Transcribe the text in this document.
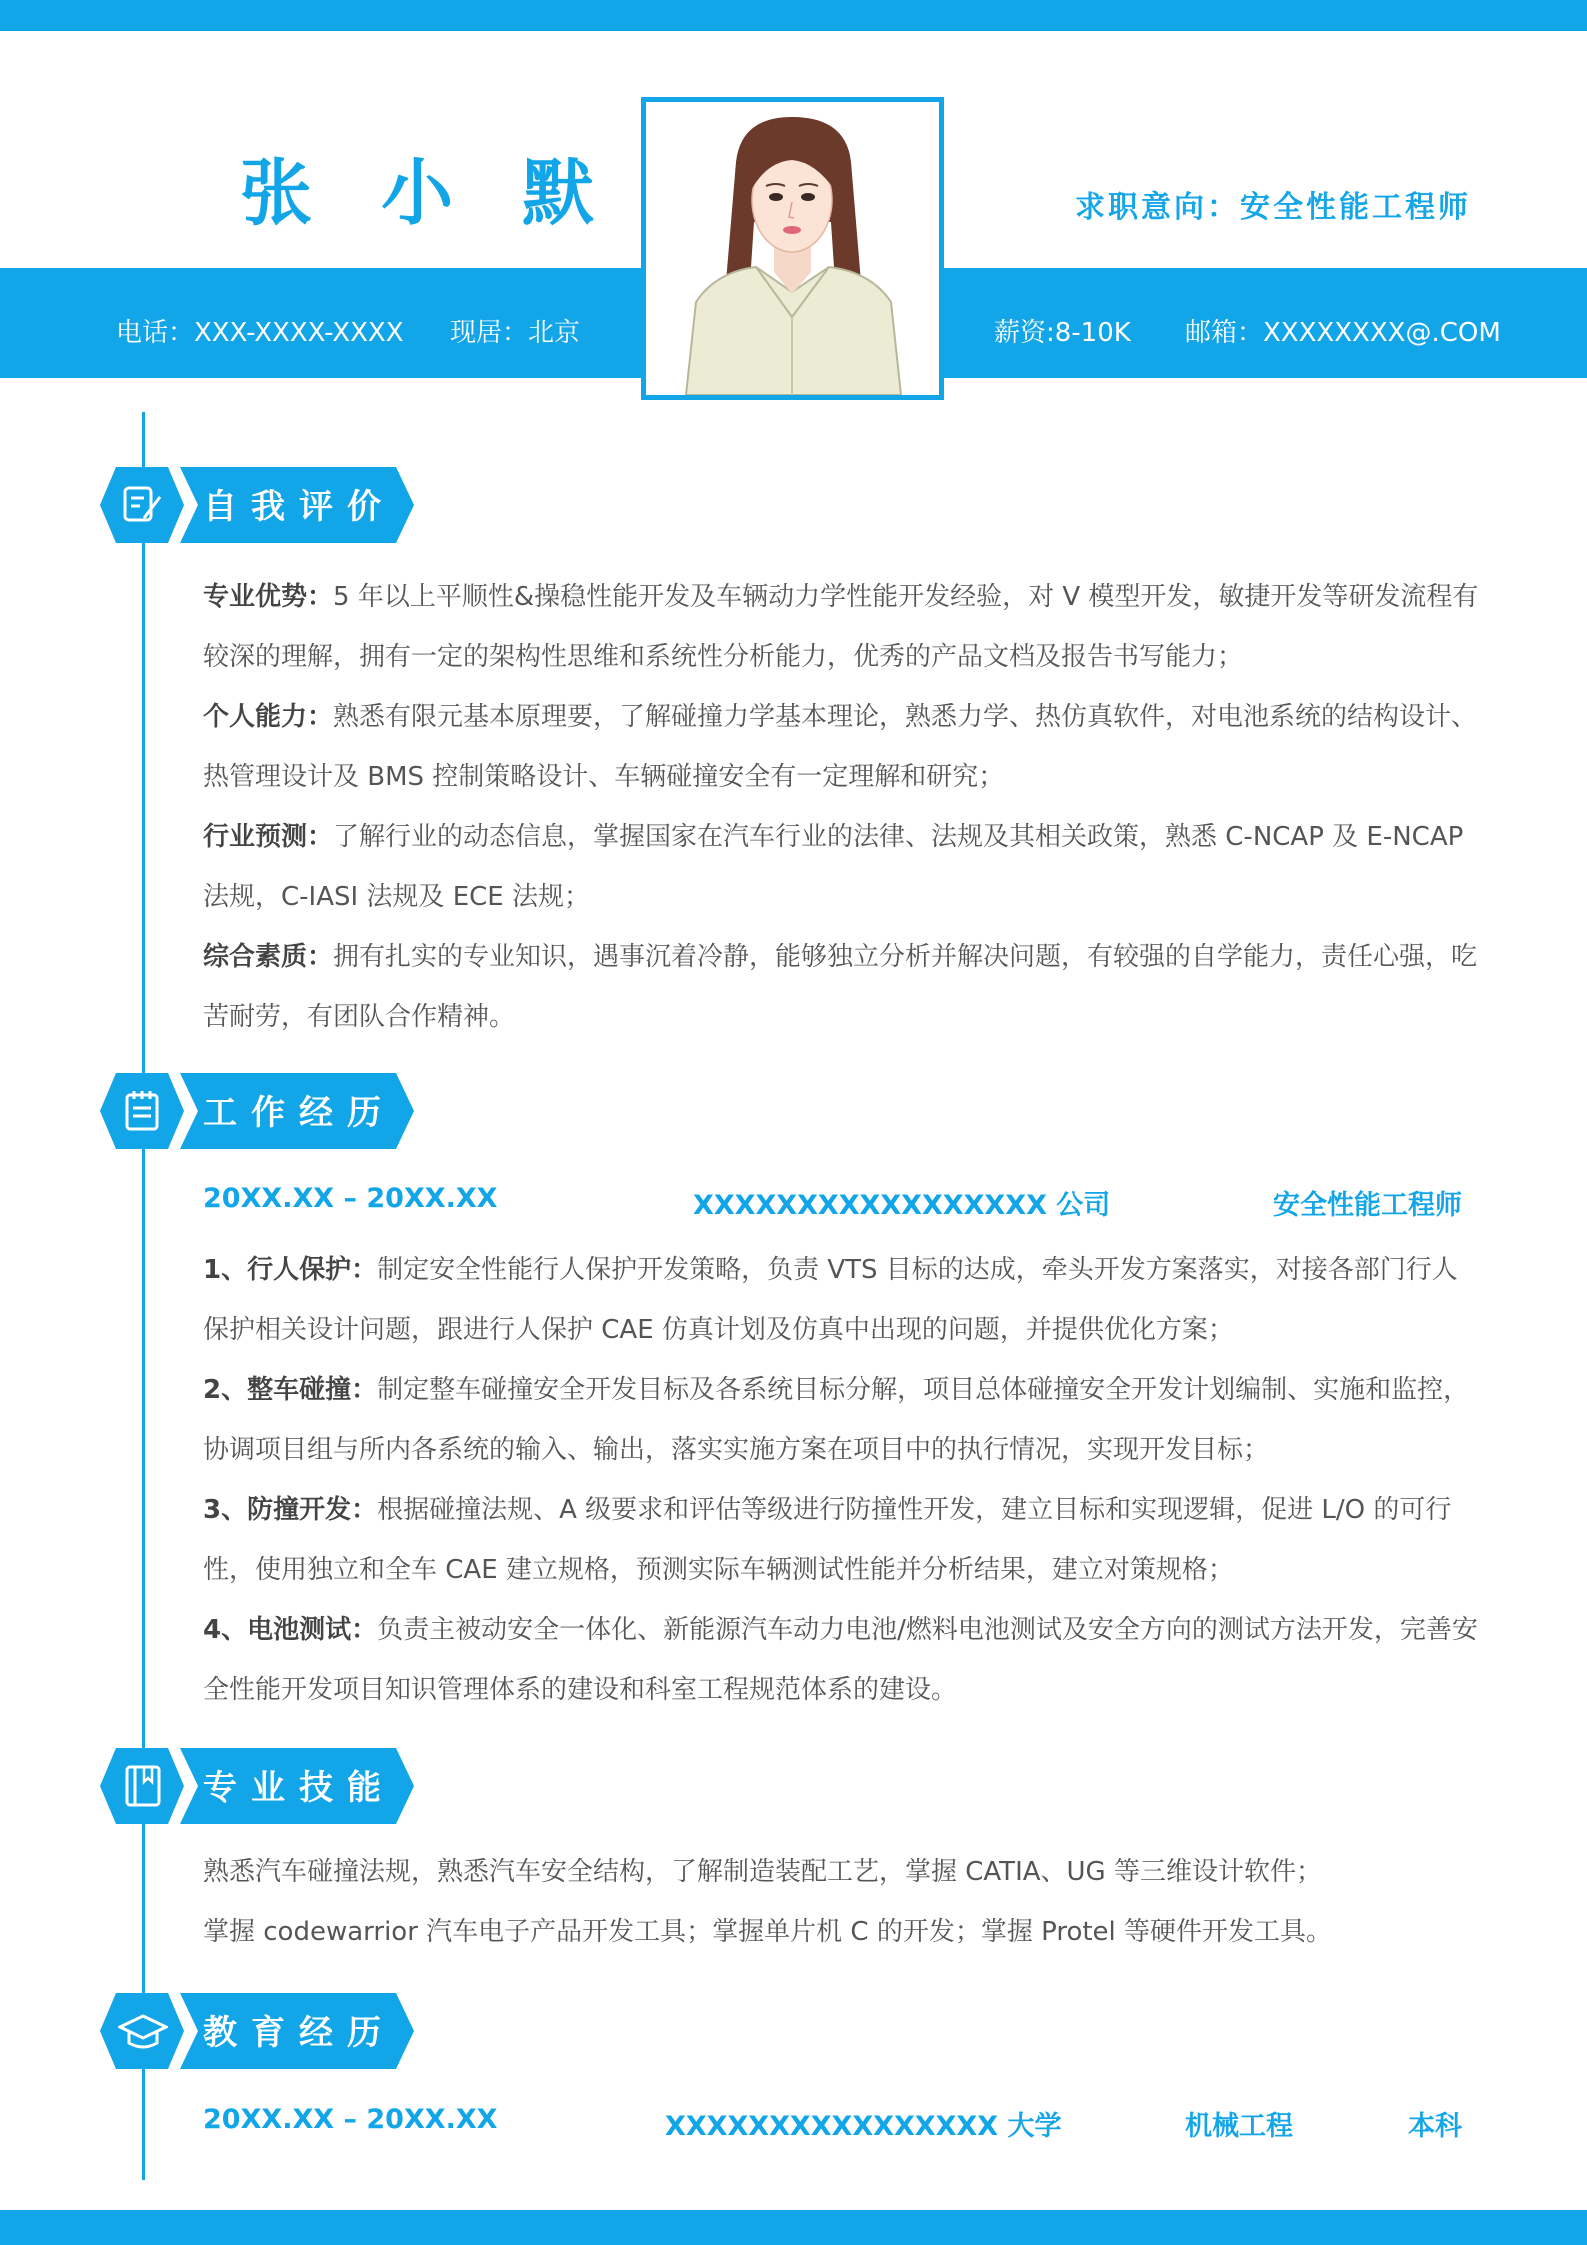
张 小 默	求职意向：安全性能工程师
电话：XXX-XXXX-XXXX 现居：北京	薪资:8-10K 邮箱：XXXXXXXX@.COM
自我评价

专业优势：5 年以上平顺性&操稳性能开发及车辆动力学性能开发经验，对 V 模型开发，敏捷开发等研发流程有较深的理解，拥有一定的架构性思维和系统性分析能力，优秀的产品文档及报告书写能力；

个人能力：熟悉有限元基本原理要，了解碰撞力学基本理论，熟悉力学、热仿真软件，对电池系统的结构设计、热管理设计及 BMS 控制策略设计、车辆碰撞安全有一定理解和研究；

行业预测：了解行业的动态信息，掌握国家在汽车行业的法律、法规及其相关政策，熟悉 C-NCAP 及 E-NCAP 法规，C-IASI 法规及 ECE 法规；

综合素质：拥有扎实的专业知识，遇事沉着冷静，能够独立分析并解决问题，有较强的自学能力，责任心强，吃苦耐劳，有团队合作精神。

工作经历
20XX.XX – 20XX.XX	XXXXXXXXXXXXXXXXX 公司	安全性能工程师

1、行人保护：制定安全性能行人保护开发策略，负责 VTS 目标的达成，牵头开发方案落实，对接各部门行人保护相关设计问题，跟进行人保护 CAE 仿真计划及仿真中出现的问题，并提供优化方案；

2、整车碰撞：制定整车碰撞安全开发目标及各系统目标分解，项目总体碰撞安全开发计划编制、实施和监控，协调项目组与所内各系统的输入、输出，落实实施方案在项目中的执行情况，实现开发目标；

3、防撞开发：根据碰撞法规、A 级要求和评估等级进行防撞性开发，建立目标和实现逻辑，促进 L/O 的可行性，使用独立和全车 CAE 建立规格，预测实际车辆测试性能并分析结果，建立对策规格；

4、电池测试：负责主被动安全一体化、新能源汽车动力电池/燃料电池测试及安全方向的测试方法开发，完善安全性能开发项目知识管理体系的建设和科室工程规范体系的建设。

专业技能

熟悉汽车碰撞法规，熟悉汽车安全结构，了解制造装配工艺，掌握 CATIA、UG 等三维设计软件；

掌握 codewarrior 汽车电子产品开发工具；掌握单片机 C 的开发；掌握 Protel 等硬件开发工具。

教育经历
20XX.XX – 20XX.XX	XXXXXXXXXXXXXXXX 大学	机械工程	本科
